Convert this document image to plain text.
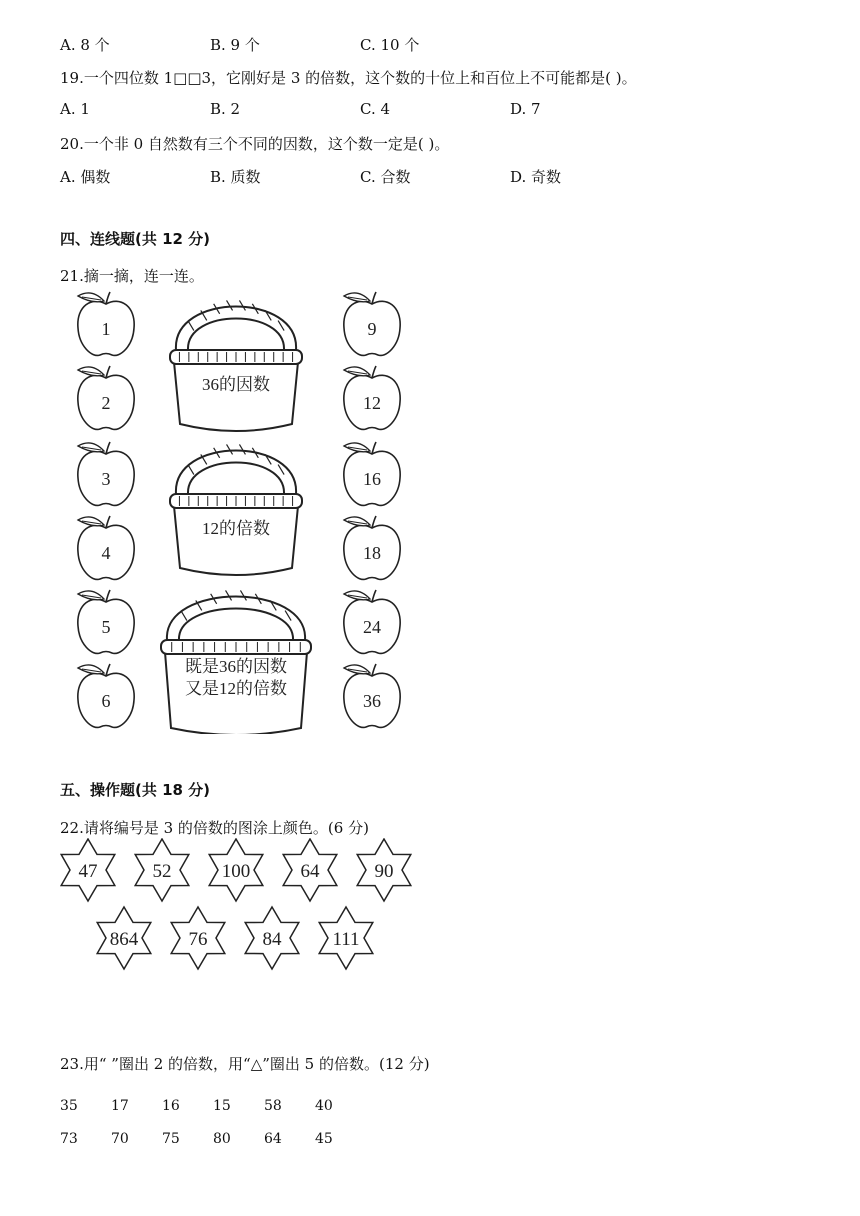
A. 8 个	B. 9 个	C. 10 个
19.一个四位数 1□□3，它刚好是 3 的倍数，这个数的十位上和百位上不可能都是( )。
A. 1	B. 2	C. 4	D. 7
20.一个非 0 自然数有三个不同的因数，这个数一定是( )。
A. 偶数	B. 质数	C. 合数	D. 奇数
四、连线题(共 12 分)
21.摘一摘，连一连。
1
2
3
4
5
6
9
12
16
18
24
36
36的因数
12的倍数
既是36的因数
又是12的倍数
五、操作题(共 18 分)
22.请将编号是 3 的倍数的图涂上颜色。(6 分)
47	52	100	64	90
864	76	84	111
23.用“ ”圈出 2 的倍数，用“△”圈出 5 的倍数。(12 分)
35 17 16 15 58 40
73 70 75 80 64 45
